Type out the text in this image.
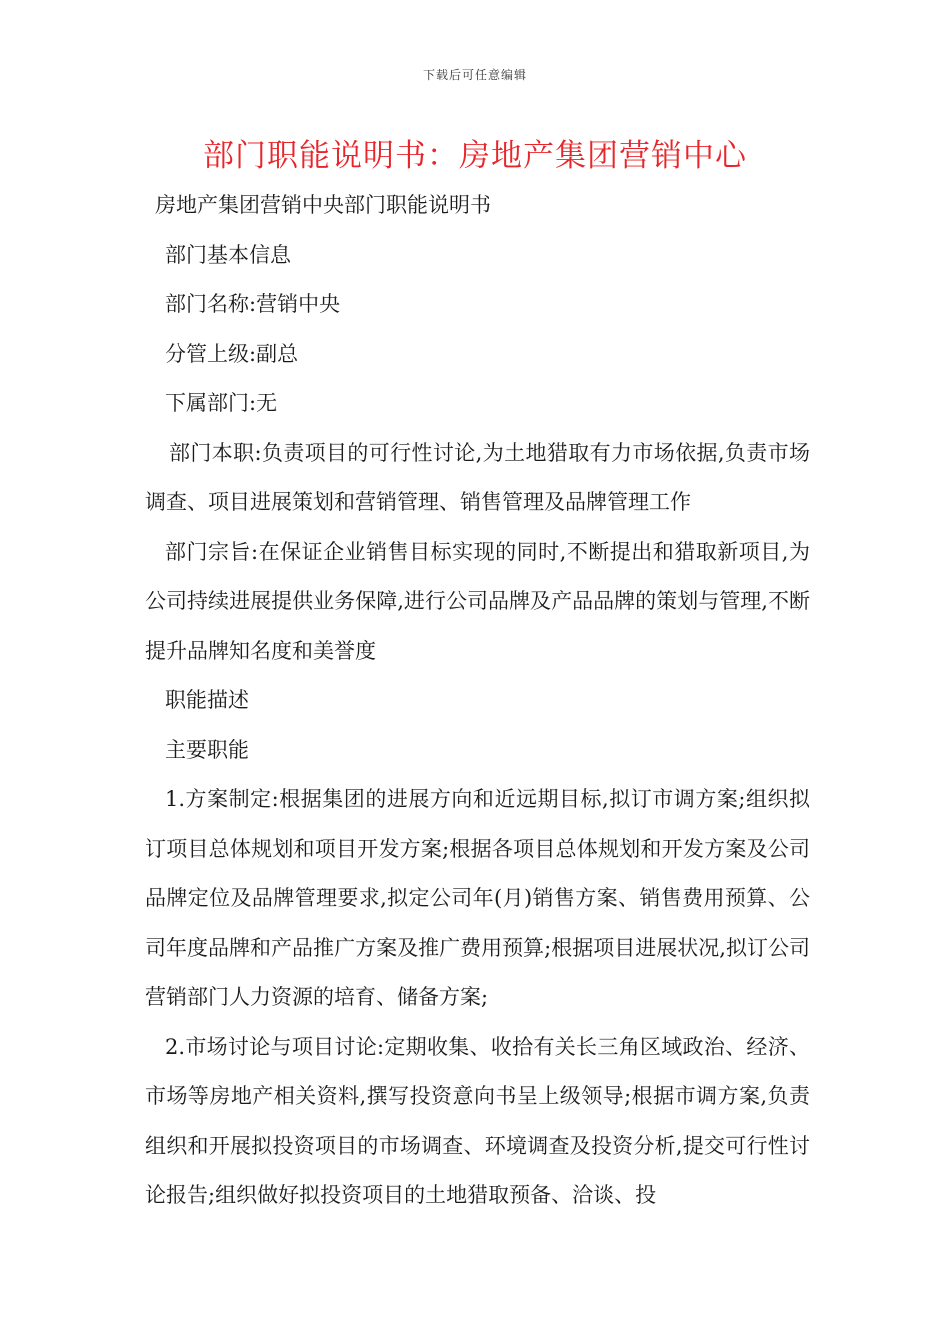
下载后可任意编辑
部门职能说明书：房地产集团营销中心

房地产集团营销中央部门职能说明书

部门基本信息

部门名称:营销中央

分管上级:副总

下属部门:无

部门本职:负责项目的可行性讨论,为土地猎取有力市场依据,负责市场调查、项目进展策划和营销管理、销售管理及品牌管理工作

部门宗旨:在保证企业销售目标实现的同时,不断提出和猎取新项目,为公司持续进展提供业务保障,进行公司品牌及产品品牌的策划与管理,不断提升品牌知名度和美誉度

职能描述

主要职能

1.方案制定:根据集团的进展方向和近远期目标,拟订市调方案;组织拟订项目总体规划和项目开发方案;根据各项目总体规划和开发方案及公司品牌定位及品牌管理要求,拟定公司年(月)销售方案、销售费用预算、公司年度品牌和产品推广方案及推广费用预算;根据项目进展状况,拟订公司营销部门人力资源的培育、储备方案;

2.市场讨论与项目讨论:定期收集、收拾有关长三角区域政治、经济、市场等房地产相关资料,撰写投资意向书呈上级领导;根据市调方案,负责组织和开展拟投资项目的市场调查、环境调查及投资分析,提交可行性讨论报告;组织做好拟投资项目的土地猎取预备、洽谈、投
